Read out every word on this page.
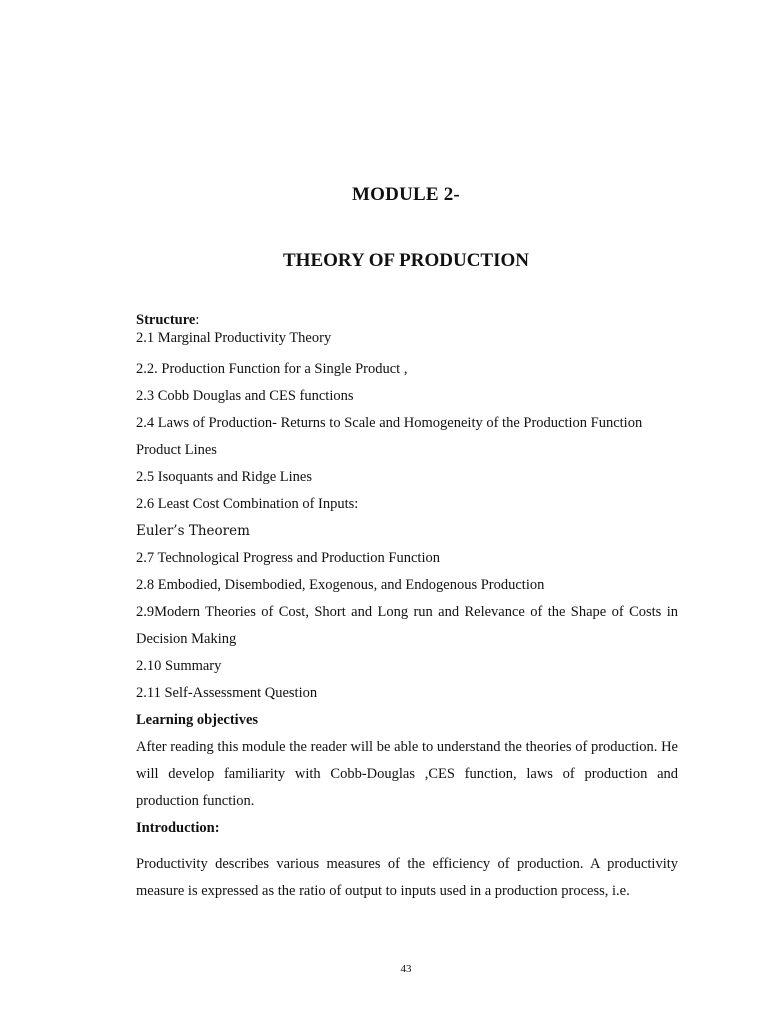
MODULE 2-
THEORY OF PRODUCTION

Structure:

2.1 Marginal Productivity Theory
2.2. Production Function for a Single Product ,
2.3 Cobb Douglas and CES functions
2.4 Laws of Production- Returns to Scale and Homogeneity of the Production Function
Product Lines
2.5 Isoquants and Ridge Lines
2.6 Least Cost Combination of Inputs:
Euler’s Theorem
2.7 Technological Progress and Production Function
2.8 Embodied, Disembodied, Exogenous, and Endogenous Production
2.9Modern Theories of Cost, Short and Long run and Relevance of the Shape of Costs in Decision Making
2.10 Summary
2.11 Self-Assessment Question

Learning objectives

After reading this module the reader will be able to understand the theories of production. He will develop familiarity with Cobb-Douglas ,CES function, laws of production and production function.

Introduction:

Productivity describes various measures of the efficiency of production. A productivity measure is expressed as the ratio of output to inputs used in a production process, i.e.

43
